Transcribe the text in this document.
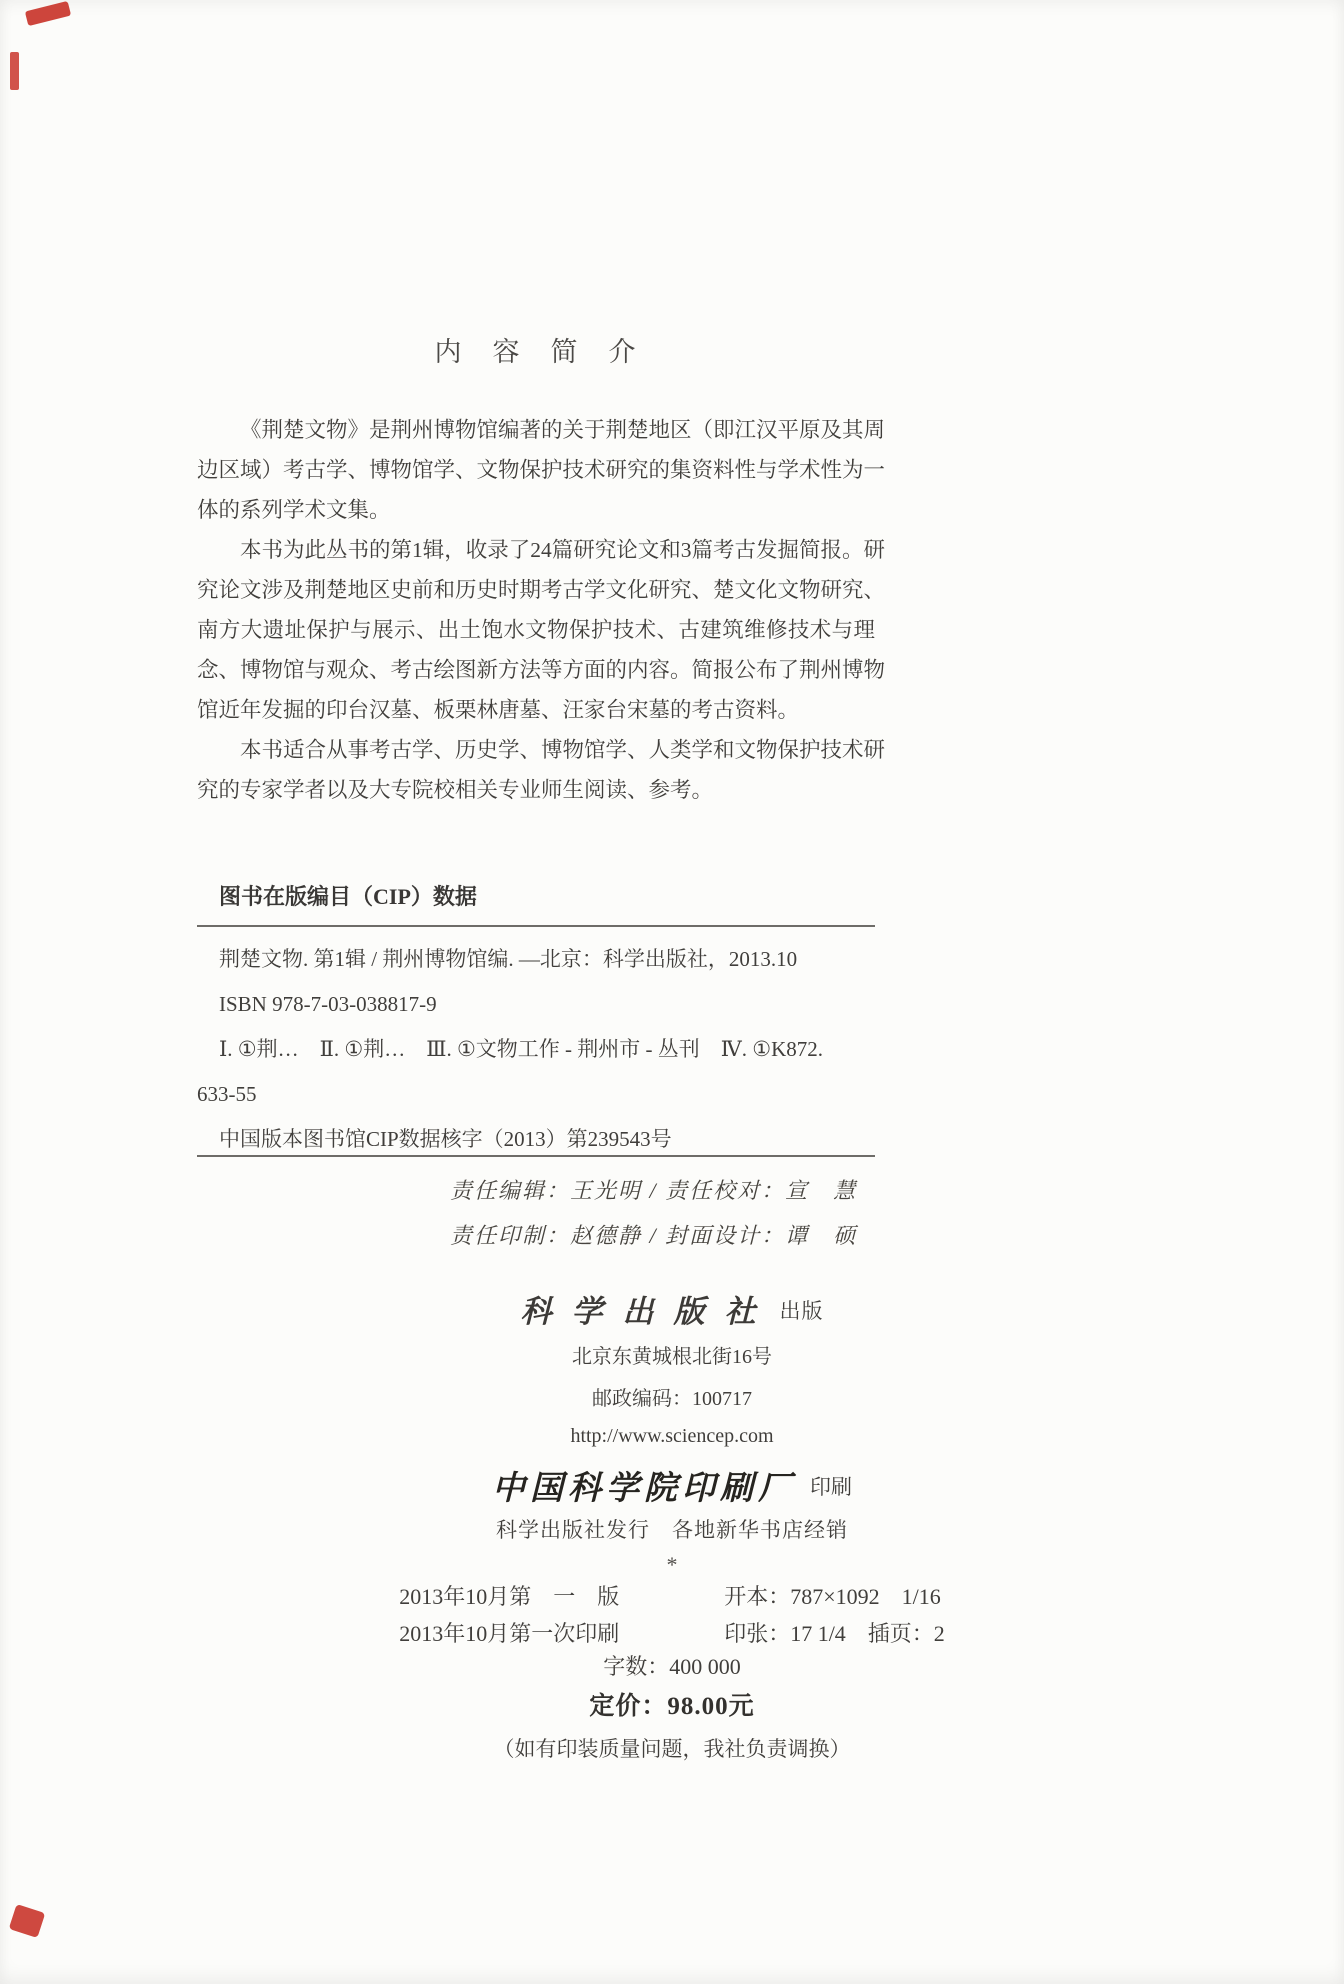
内　容　简　介
《荆楚文物》是荆州博物馆编著的关于荆楚地区（即江汉平原及其周
边区域）考古学、博物馆学、文物保护技术研究的集资料性与学术性为一
体的系列学术文集。
本书为此丛书的第1辑，收录了24篇研究论文和3篇考古发掘简报。研
究论文涉及荆楚地区史前和历史时期考古学文化研究、楚文化文物研究、
南方大遗址保护与展示、出土饱水文物保护技术、古建筑维修技术与理
念、博物馆与观众、考古绘图新方法等方面的内容。简报公布了荆州博物
馆近年发掘的印台汉墓、板栗林唐墓、汪家台宋墓的考古资料。
本书适合从事考古学、历史学、博物馆学、人类学和文物保护技术研
究的专家学者以及大专院校相关专业师生阅读、参考。
图书在版编目（CIP）数据
荆楚文物. 第1辑 / 荆州博物馆编. —北京：科学出版社，2013.10
ISBN 978-7-03-038817-9
Ⅰ. ①荆…　Ⅱ. ①荆…　Ⅲ. ①文物工作 - 荆州市 - 丛刊　Ⅳ. ①K872.
633-55
中国版本图书馆CIP数据核字（2013）第239543号
责任编辑：王光明 / 责任校对：宣　慧
责任印制：赵德静 / 封面设计：谭　硕
科学出版社 出版
北京东黄城根北街16号
邮政编码：100717
http://www.sciencep.com
中国科学院印刷厂 印刷
科学出版社发行　各地新华书店经销
*
2013年10月第　一　版	开本：787×1092　1/16
2013年10月第一次印刷	印张：17 1/4　插页：2
字数：400 000
定价：98.00元
（如有印装质量问题，我社负责调换）
